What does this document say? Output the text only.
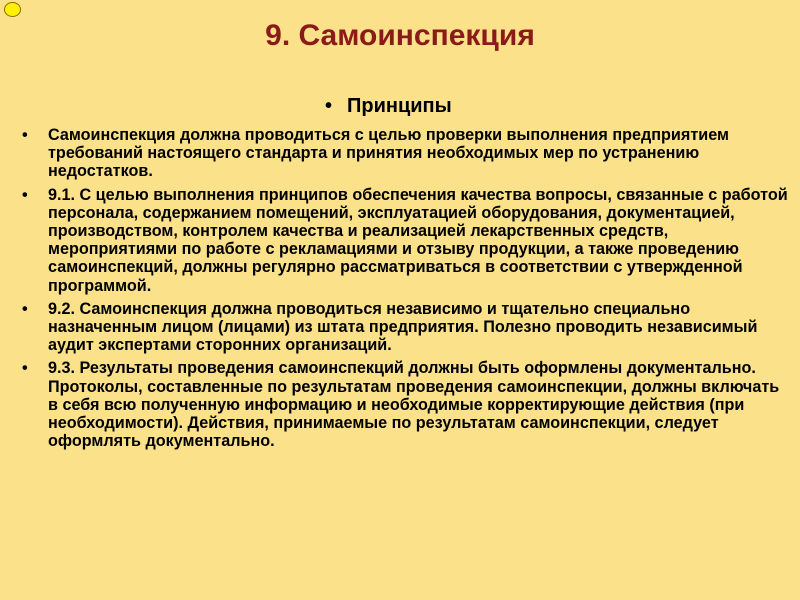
9. Самоинспекция
• Принципы
• Самоинспекция должна проводиться с целью проверки выполнения предприятием требований настоящего стандарта и принятия необходимых мер по устранению недостатков.
• 9.1. С целью выполнения принципов обеспечения качества вопросы, связанные с работой персонала, содержанием помещений, эксплуатацией оборудования, документацией, производством, контролем качества и реализацией лекарственных средств, мероприятиями по работе с рекламациями и отзыву продукции, а также проведению самоинспекций, должны регулярно рассматриваться в соответствии с утвержденной программой.
• 9.2. Самоинспекция должна проводиться независимо и тщательно специально назначенным лицом (лицами) из штата предприятия. Полезно проводить независимый аудит экспертами сторонних организаций.
• 9.3. Результаты проведения самоинспекций должны быть оформлены документально. Протоколы, составленные по результатам проведения самоинспекции, должны включать в себя всю полученную информацию и необходимые корректирующие действия (при необходимости). Действия, принимаемые по результатам самоинспекции, следует оформлять документально.
